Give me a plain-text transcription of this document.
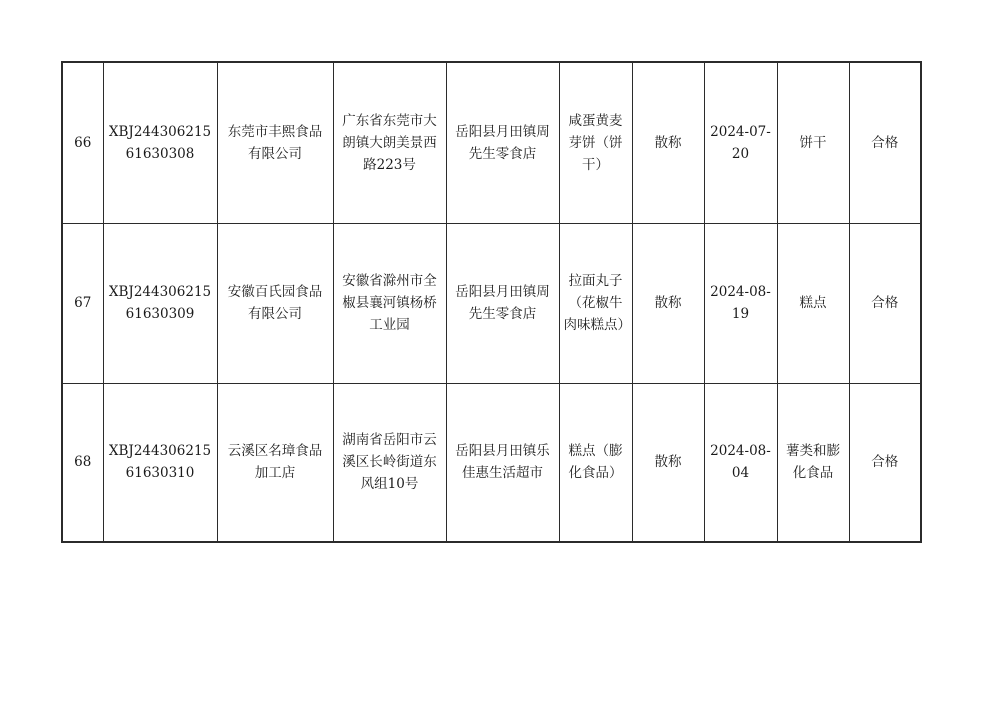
66	XBJ24430621561630308	东莞市丰熙食品有限公司	广东省东莞市大朗镇大朗美景西路223号	岳阳县月田镇周先生零食店	咸蛋黄麦芽饼（饼干）	散称	2024-07-20	饼干	合格
67	XBJ24430621561630309	安徽百氏园食品有限公司	安徽省滁州市全椒县襄河镇杨桥工业园	岳阳县月田镇周先生零食店	拉面丸子（花椒牛肉味糕点）	散称	2024-08-19	糕点	合格
68	XBJ24430621561630310	云溪区名璋食品加工店	湖南省岳阳市云溪区长岭街道东风组10号	岳阳县月田镇乐佳惠生活超市	糕点（膨化食品）	散称	2024-08-04	薯类和膨化食品	合格
